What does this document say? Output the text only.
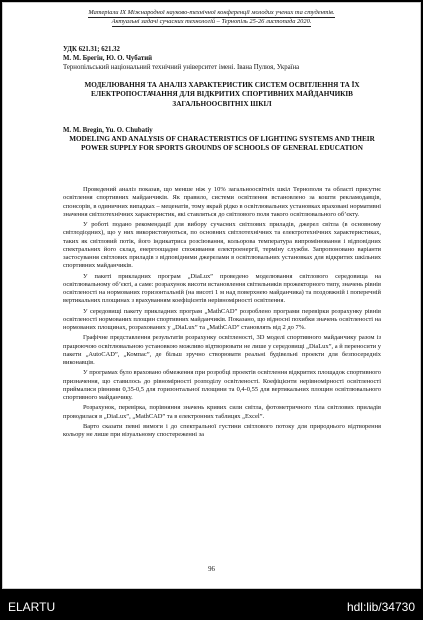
Матеріали ІХ Міжнародної науково-технічної конференції молодих учених та студентів.
Актуальні задачі сучасних технологій – Тернопіль 25-26 листопада 2020.
УДК 621.31; 621.32
М. М. Брегін, Ю. О. Чубатий
Тернопільський національний технічний університет імені. Івана Пулюя, Україна
МОДЕЛЮВАННЯ ТА АНАЛІЗ ХАРАКТЕРИСТИК СИСТЕМ ОСВІТЛЕННЯ ТА ЇХ ЕЛЕКТРОПОСТАЧАННЯ ДЛЯ ВІДКРИТИХ СПОРТИВНИХ МАЙДАНЧИКІВ ЗАГАЛЬНООСВІТНІХ ШКІЛ
M. M. Bregin, Yu. O. Chubatiy
MODELING AND ANALYSIS OF CHARACTERISTICS OF LIGHTING SYSTEMS AND THEIR POWER SUPPLY FOR SPORTS GROUNDS OF SCHOOLS OF GENERAL EDUCATION

Проведений аналіз показав, що менше ніж у 10% загальноосвітніх шкіл Тернополя та області присутнє освітлення спортивних майданчиків. Як правило, системи освітлення встановлено за кошти рекламодавців, спонсорів, в одиничних випадках – меценатів, тому якрай рідко в освітлювальних установках враховані нормативні значення світлотехнічних характеристик, які ставляться до світлового поля такого освітлювального об’єкту.

У роботі подано рекомендації для вибору сучасних світлових приладів, джерел світла (в основному світлодіодних), що у них використовуються, по основних світлотехнічних та електротехнічних характеристиках, таких як світловий потік, його індикатриса розсіювання, кольорова температура випромінювання і відповідних спектральних його склад, енергоощадне споживання електроенергії, терміну служби. Запропоновано варіанти застосування світлових приладів з відповідними джерелами в освітлювальних установках для відкритих шкільних спортивних майданчиків.

У пакеті прикладних програм „DiaLux” проведено моделювання світлового середовища на освітлювальному об’єкті, а саме: розрахунок висоти встановлення світильників прожекторного типу, значень рівнів освітленості на нормованих горизонтальній (на висоті 1 м над поверхнею майданчика) та поздовжній і поперечній вертикальних площинах з врахуванням коефіцієнтів нерівномірності освітлення.

У середовищі пакету прикладних програм „MathCAD” розроблено програми перевірки розрахунку рівнів освітленості нормованих площин спортивних майданчиків. Показано, що відносні похибки значень освітленості на нормованих площинах, розрахованих у „DiaLux” та „MathCAD” становлять від 2 до 7%.

Графічне представлення результатів розрахунку освітленості, 3D моделі спортивного майданчику разом із працюючою освітлювальною установкою можливо відтворювати не лише у середовищі „DiaLux”, а й переносити у пакети „AutoCAD”, „Компас”, де більш зручно створювати реальні будівельні проекти для безпосередніх виконавців.

У програмах було враховано обмеження при розробці проектів освітлення відкритих площадок спортивного призначення, що ставилось до рівномірності розподілу освітленості. Коефіцієнти нерівномірності освітленості приймалися рівними 0,35-0,5 для горизонтальної площини та 0,4-0,55 для вертикальних площин освітлювального спортивного майданчику.

Розрахунок, перевірка, порівняння значень кривих сили світла, фотометричного тіла світлових приладів проводилася в „DiaLux”, „MathCAD” та в електронних таблицях „Excel”.

Варто сказати певні вимоги і до спектральної густини світлового потоку для природнього відтворення кольору не лише при візуальному спостереженні за

96
ELARTU	hdl:lib/34730
